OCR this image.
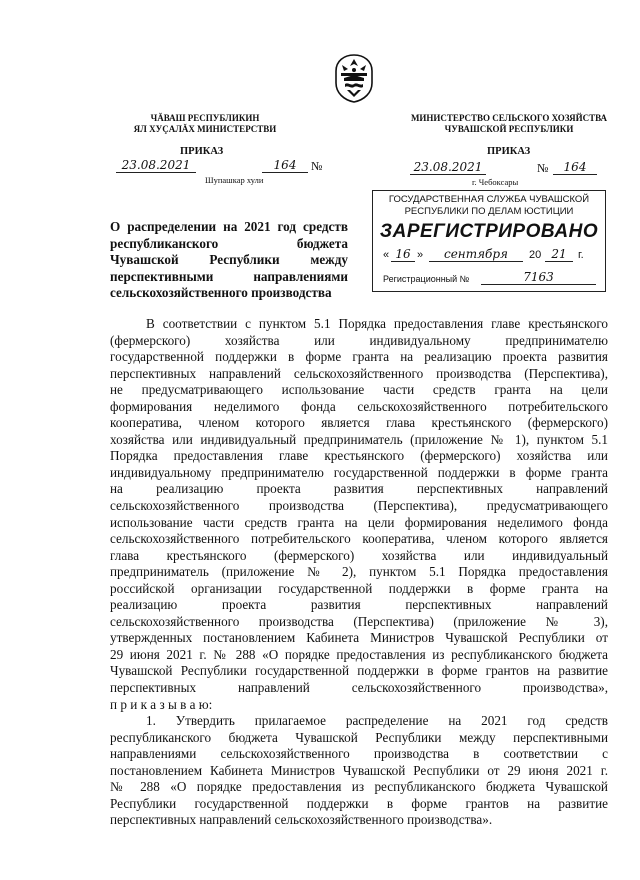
ЧĂВАШ РЕСПУБЛИКИН
ЯЛ ХУÇАЛĂХ МИНИСТЕРСТВИ
ПРИКАЗ
23.08.2021	164	№
Шупашкар хули
МИНИСТЕРСТВО СЕЛЬСКОГО ХОЗЯЙСТВА
ЧУВАШСКОЙ РЕСПУБЛИКИ
ПРИКАЗ
23.08.2021	№	164
г. Чебоксары
ГОСУДАРСТВЕННАЯ СЛУЖБА ЧУВАШСКОЙ
РЕСПУБЛИКИ ПО ДЕЛАМ ЮСТИЦИИ
ЗАРЕГИСТРИРОВАНО
« 16 »	сентября	20 21	г.
Регистрационный №	7163
О распределении на 2021 год средств
республиканского бюджета
Чувашской Республики между
перспективными направлениями
сельскохозяйственного производства
В соответствии с пунктом 5.1 Порядка предоставления главе крестьянского
(фермерского) хозяйства или индивидуальному предпринимателю
государственной поддержки в форме гранта на реализацию проекта развития
перспективных направлений сельскохозяйственного производства (Перспектива),
не предусматривающего использование части средств гранта на цели
формирования неделимого фонда сельскохозяйственного потребительского
кооператива, членом которого является глава крестьянского (фермерского)
хозяйства или индивидуальный предприниматель (приложение № 1), пунктом 5.1
Порядка предоставления главе крестьянского (фермерского) хозяйства или
индивидуальному предпринимателю государственной поддержки в форме гранта
на реализацию проекта развития перспективных направлений
сельскохозяйственного производства (Перспектива), предусматривающего
использование части средств гранта на цели формирования неделимого фонда
сельскохозяйственного потребительского кооператива, членом которого является
глава крестьянского (фермерского) хозяйства или индивидуальный
предприниматель (приложение № 2), пунктом 5.1 Порядка предоставления
российской организации государственной поддержки в форме гранта на
реализацию проекта развития перспективных направлений
сельскохозяйственного производства (Перспектива) (приложение № 3),
утвержденных постановлением Кабинета Министров Чувашской Республики от
29 июня 2021 г. № 288 «О порядке предоставления из республиканского бюджета
Чувашской Республики государственной поддержки в форме грантов на развитие
перспективных направлений сельскохозяйственного производства»,
п р и к а з ы в а ю:
1. Утвердить прилагаемое распределение на 2021 год средств
республиканского бюджета Чувашской Республики между перспективными
направлениями сельскохозяйственного производства в соответствии с
постановлением Кабинета Министров Чувашской Республики от 29 июня 2021 г.
№ 288 «О порядке предоставления из республиканского бюджета Чувашской
Республики государственной поддержки в форме грантов на развитие
перспективных направлений сельскохозяйственного производства».
